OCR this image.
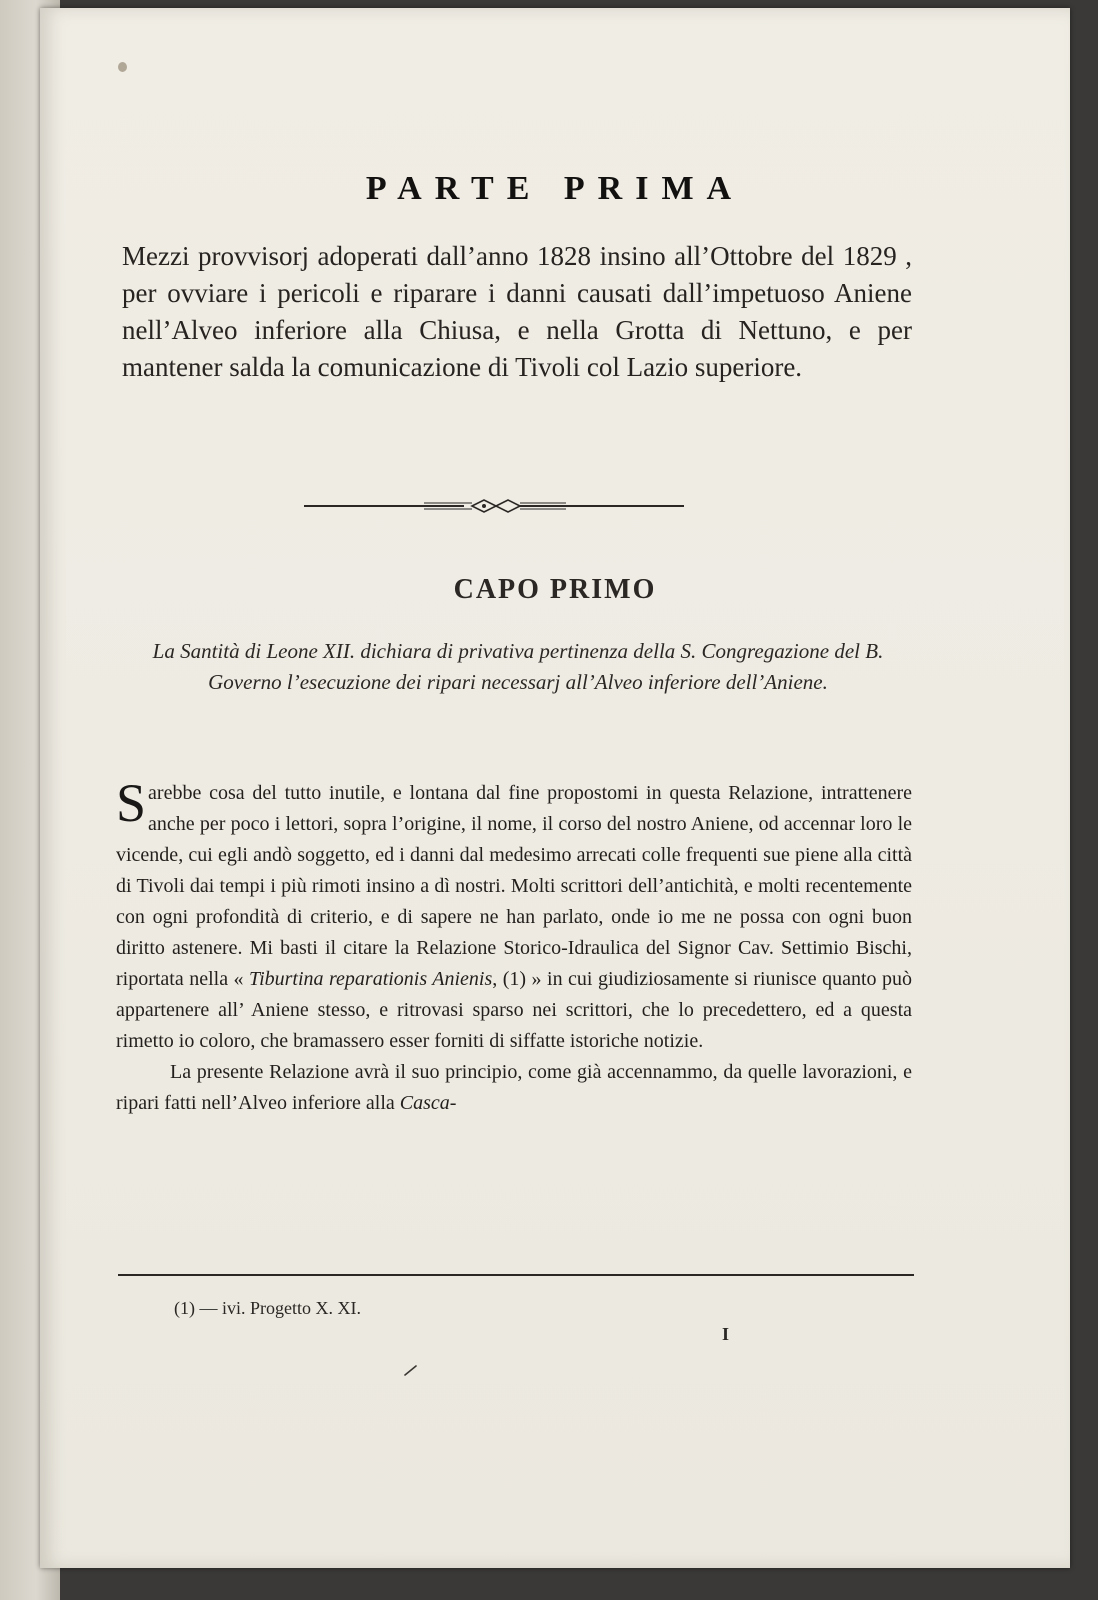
PARTE PRIMA

Mezzi provvisorj adoperati dall’anno 1828 insino all’Ottobre del 1829 , per ovviare i pericoli e riparare i danni causati dall’impetuoso Aniene nell’Alveo inferiore alla Chiusa, e nella Grotta di Nettuno, e per mantener salda la comunicazione di Tivoli col Lazio superiore.

CAPO PRIMO

La Santità di Leone XII. dichiara di privativa pertinenza della S. Congregazione del B. Governo l’esecuzione dei ripari necessarj all’Alveo inferiore dell’Aniene.

Sarebbe cosa del tutto inutile, e lontana dal fine propostomi in questa Relazione, intrattenere anche per poco i lettori, sopra l’origine, il nome, il corso del nostro Aniene, od accennar loro le vicende, cui egli andò soggetto, ed i danni dal medesimo arrecati colle frequenti sue piene alla città di Tivoli dai tempi i più rimoti insino a dì nostri. Molti scrittori dell’antichità, e molti recentemente con ogni profondità di criterio, e di sapere ne han parlato, onde io me ne possa con ogni buon diritto astenere. Mi basti il citare la Relazione Storico-Idraulica del Signor Cav. Settimio Bischi, riportata nella « Tiburtina reparationis Anienis, (1) » in cui giudiziosamente si riunisce quanto può appartenere all’ Aniene stesso, e ritrovasi sparso nei scrittori, che lo precedettero, ed a questa rimetto io coloro, che bramassero esser forniti di siffatte istoriche notizie.

La presente Relazione avrà il suo principio, come già accennammo, da quelle lavorazioni, e ripari fatti nell’Alveo inferiore alla Casca-

(1) — ivi. Progetto X. XI.

I
